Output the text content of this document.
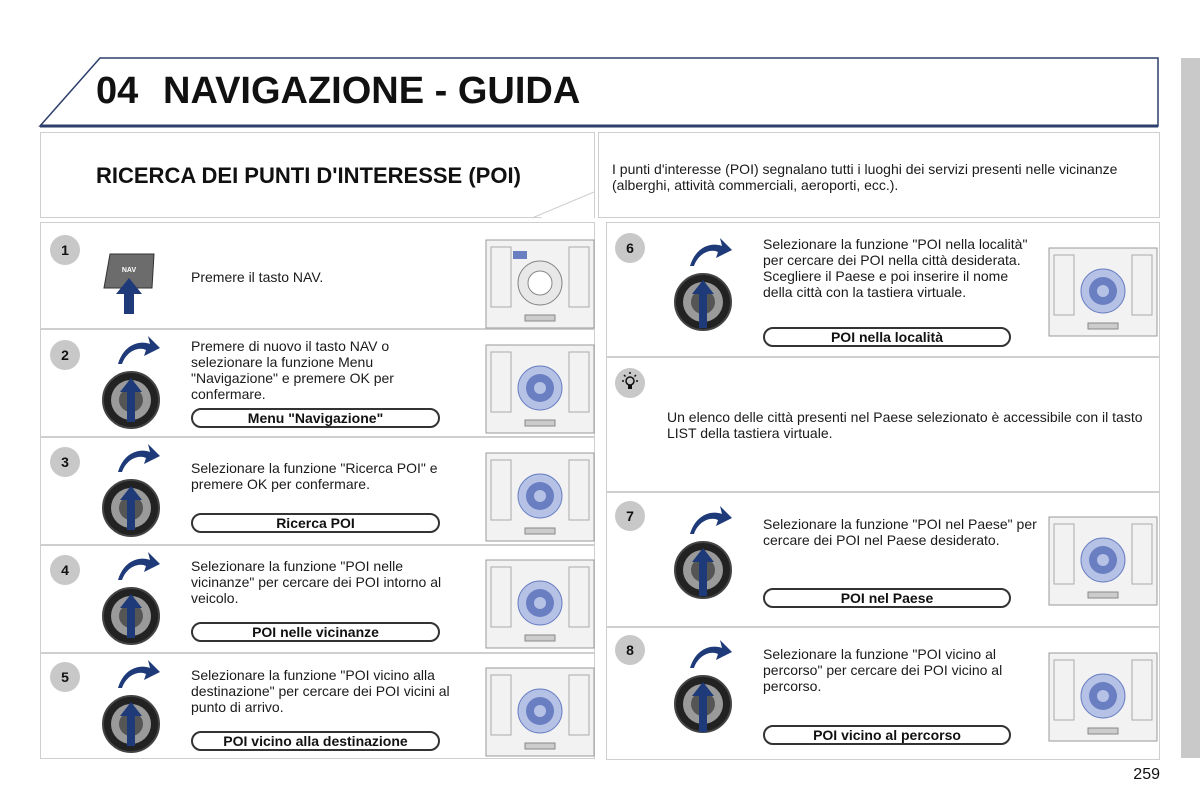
04 NAVIGAZIONE - GUIDA
RICERCA DEI PUNTI D'INTERESSE (POI)	I punti d'interesse (POI) segnalano tutti i luoghi dei servizi presenti nelle vicinanze (alberghi, attività commerciali, aeroporti, ecc.).
1
NAV	Premere il tasto NAV.
2
Premere di nuovo il tasto NAV o selezionare la funzione Menu "Navigazione" e premere OK per confermare.
Menu "Navigazione"
3	Selezionare la funzione "Ricerca POI" e premere OK per confermare.
Ricerca POI
4	Selezionare la funzione "POI nelle vicinanze" per cercare dei POI intorno al veicolo.
POI nelle vicinanze
5	Selezionare la funzione "POI vicino alla destinazione" per cercare dei POI vicini al punto di arrivo.
POI vicino alla destinazione
6	Selezionare la funzione "POI nella località" per cercare dei POI nella città desiderata. Scegliere il Paese e poi inserire il nome della città con la tastiera virtuale.
POI nella località
Un elenco delle città presenti nel Paese selezionato è accessibile con il tasto LIST della tastiera virtuale.
7	Selezionare la funzione "POI nel Paese" per cercare dei POI nel Paese desiderato.
POI nel Paese
8	Selezionare la funzione "POI vicino al percorso" per cercare dei POI vicino al percorso.
POI vicino al percorso
259
